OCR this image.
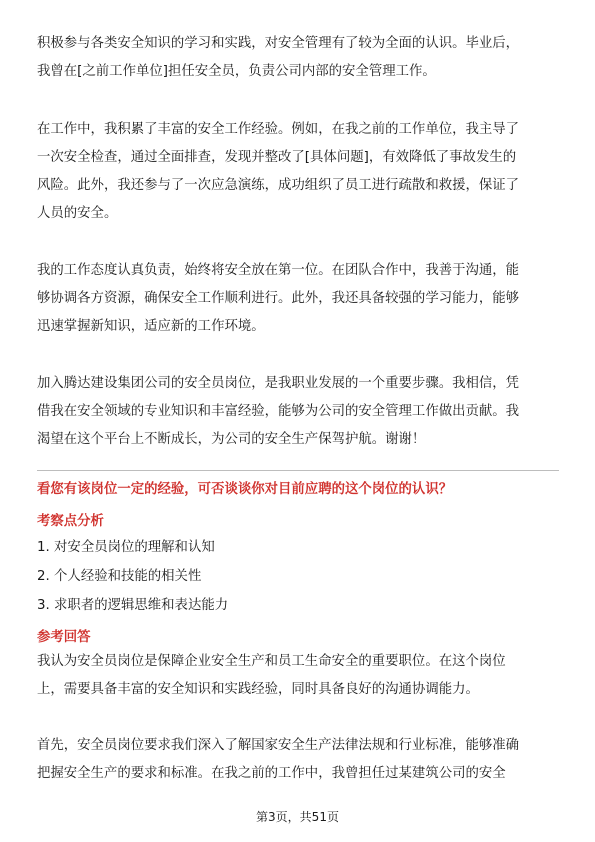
积极参与各类安全知识的学习和实践，对安全管理有了较为全面的认识。毕业后，
我曾在[之前工作单位]担任安全员，负责公司内部的安全管理工作。

在工作中，我积累了丰富的安全工作经验。例如，在我之前的工作单位，我主导了
一次安全检查，通过全面排查，发现并整改了[具体问题]，有效降低了事故发生的
风险。此外，我还参与了一次应急演练，成功组织了员工进行疏散和救援，保证了
人员的安全。

我的工作态度认真负责，始终将安全放在第一位。在团队合作中，我善于沟通，能
够协调各方资源，确保安全工作顺利进行。此外，我还具备较强的学习能力，能够
迅速掌握新知识，适应新的工作环境。

加入腾达建设集团公司的安全员岗位，是我职业发展的一个重要步骤。我相信，凭
借我在安全领域的专业知识和丰富经验，能够为公司的安全管理工作做出贡献。我
渴望在这个平台上不断成长，为公司的安全生产保驾护航。谢谢！

看您有该岗位一定的经验，可否谈谈你对目前应聘的这个岗位的认识？
考察点分析
1. 对安全员岗位的理解和认知
2. 个人经验和技能的相关性
3. 求职者的逻辑思维和表达能力
参考回答

我认为安全员岗位是保障企业安全生产和员工生命安全的重要职位。在这个岗位
上，需要具备丰富的安全知识和实践经验，同时具备良好的沟通协调能力。

首先，安全员岗位要求我们深入了解国家安全生产法律法规和行业标准，能够准确
把握安全生产的要求和标准。在我之前的工作中，我曾担任过某建筑公司的安全

第3页，共51页
